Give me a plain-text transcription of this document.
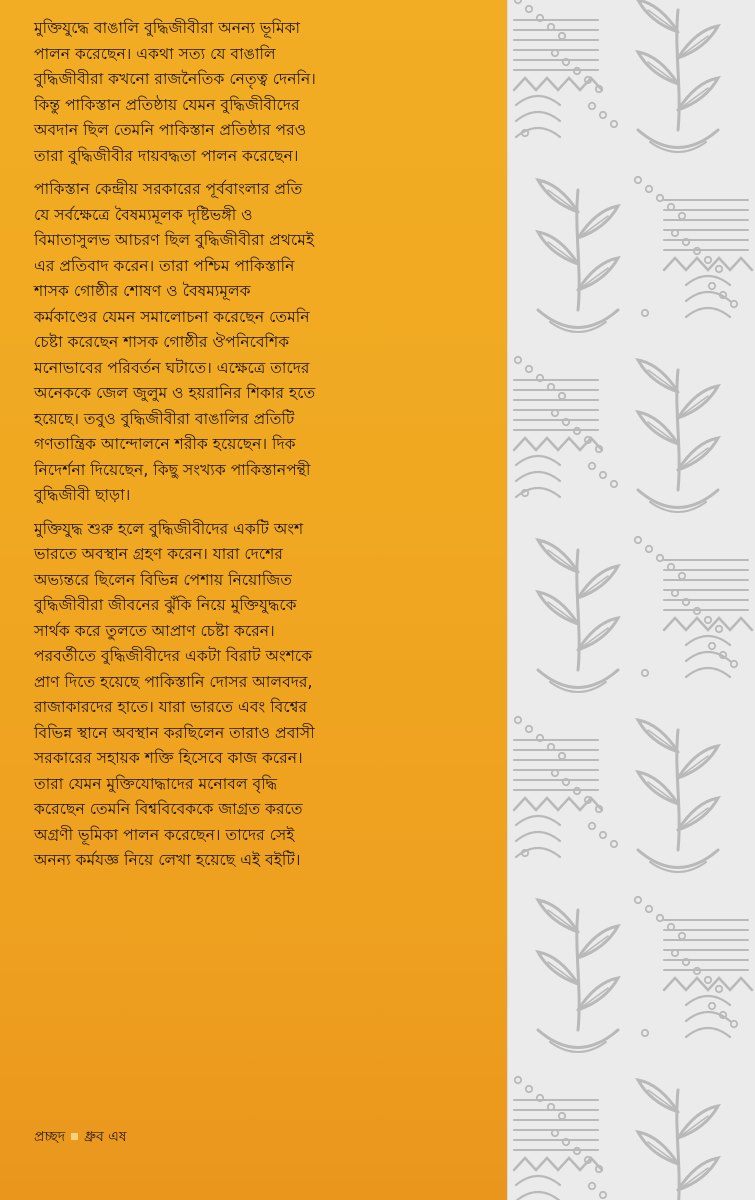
মুক্তিযুদ্ধে বাঙালি বুদ্ধিজীবীরা অনন্য ভূমিকা
পালন করেছেন। একথা সত্য যে বাঙালি
বুদ্ধিজীবীরা কখনো রাজনৈতিক নেতৃত্ব দেননি।
কিন্তু পাকিস্তান প্রতিষ্ঠায় যেমন বুদ্ধিজীবীদের
অবদান ছিল তেমনি পাকিস্তান প্রতিষ্ঠার পরও
তারা বুদ্ধিজীবীর দায়বদ্ধতা পালন করেছেন।
পাকিস্তান কেন্দ্রীয় সরকারের পূর্ববাংলার প্রতি
যে সর্বক্ষেত্রে বৈষম্যমূলক দৃষ্টিভঙ্গী ও
বিমাতাসুলভ আচরণ ছিল বুদ্ধিজীবীরা প্রথমেই
এর প্রতিবাদ করেন। তারা পশ্চিম পাকিস্তানি
শাসক গোষ্ঠীর শোষণ ও বৈষম্যমূলক
কর্মকাণ্ডের যেমন সমালোচনা করেছেন তেমনি
চেষ্টা করেছেন শাসক গোষ্ঠীর ঔপনিবেশিক
মনোভাবের পরিবর্তন ঘটাতে। এক্ষেত্রে তাদের
অনেককে জেল জুলুম ও হয়রানির শিকার হতে
হয়েছে। তবুও বুদ্ধিজীবীরা বাঙালির প্রতিটি
গণতান্ত্রিক আন্দোলনে শরীক হয়েছেন। দিক
নিদের্শনা দিয়েছেন, কিছু সংখ্যক পাকিস্তানপন্থী
বুদ্ধিজীবী ছাড়া।
মুক্তিযুদ্ধ শুরু হলে বুদ্ধিজীবীদের একটি অংশ
ভারতে অবস্থান গ্রহণ করেন। যারা দেশের
অভ্যন্তরে ছিলেন বিভিন্ন পেশায় নিয়োজিত
বুদ্ধিজীবীরা জীবনের ঝুঁকি নিয়ে মুক্তিযুদ্ধকে
সার্থক করে তুলতে আপ্রাণ চেষ্টা করেন।
পরবর্তীতে বুদ্ধিজীবীদের একটা বিরাট অংশকে
প্রাণ দিতে হয়েছে পাকিস্তানি দোসর আলবদর,
রাজাকারদের হাতে। যারা ভারতে এবং বিশ্বের
বিভিন্ন স্থানে অবস্থান করছিলেন তারাও প্রবাসী
সরকারের সহায়ক শক্তি হিসেবে কাজ করেন।
তারা যেমন মুক্তিযোদ্ধাদের মনোবল বৃদ্ধি
করেছেন তেমনি বিশ্ববিবেককে জাগ্রত করতে
অগ্রণী ভূমিকা পালন করেছেন। তাদের সেই
অনন্য কর্মযজ্ঞ নিয়ে লেখা হয়েছে এই বইটি।
প্রচ্ছদ ধ্রুব এষ
